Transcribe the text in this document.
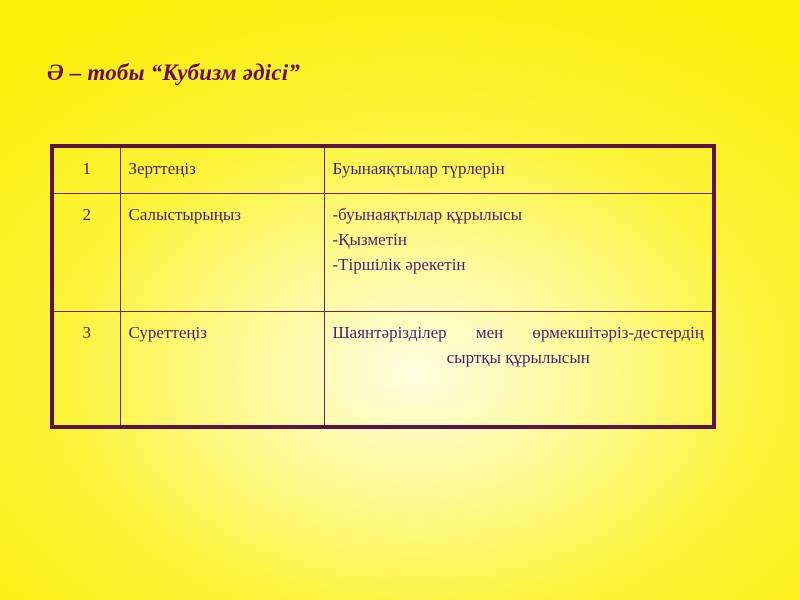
Ә – тобы “Кубизм әдісі”
1	Зерттеңіз	Буынаяқтылар түрлерін

2	Салыстырыңыз	-буынаяқтылар құрылысы
-Қызметін
-Тіршілік әрекетін

3	Суреттеңіз	Шаянтәрізділер мен өрмекшітәріз-дестердің сыртқы құрылысын
